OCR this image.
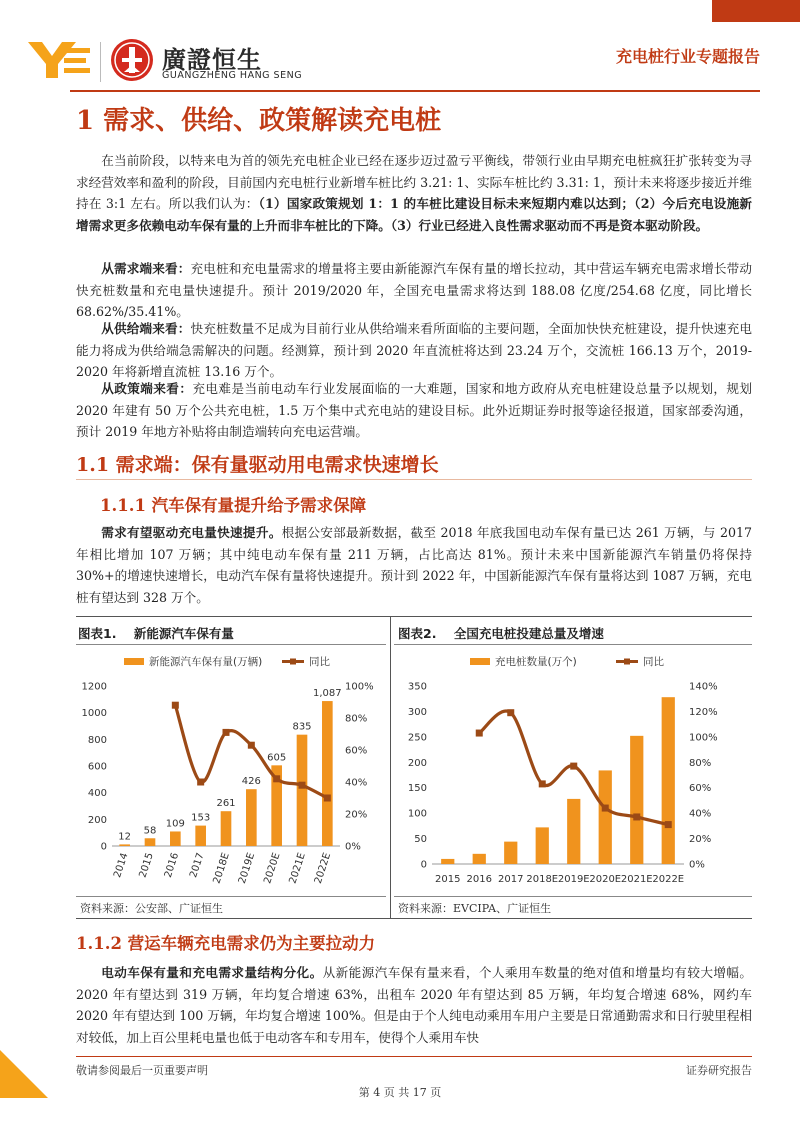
廣證恒生
GUANGZHENG HANG SENG
充电桩行业专题报告
1 需求、供给、政策解读充电桩

在当前阶段，以特来电为首的领先充电桩企业已经在逐步迈过盈亏平衡线，带领行业由早期充电桩疯狂扩张转变为寻求经营效率和盈利的阶段，目前国内充电桩行业新增车桩比约 3.21: 1、实际车桩比约 3.31: 1，预计未来将逐步接近并维持在 3:1 左右。所以我们认为：（1）国家政策规划 1：1 的车桩比建设目标未来短期内难以达到；（2）今后充电设施新增需求更多依赖电动车保有量的上升而非车桩比的下降。（3）行业已经进入良性需求驱动而不再是资本驱动阶段。

从需求端来看：充电桩和充电量需求的增量将主要由新能源汽车保有量的增长拉动，其中营运车辆充电需求增长带动快充桩数量和充电量快速提升。预计 2019/2020 年，全国充电量需求将达到 188.08 亿度/254.68 亿度，同比增长 68.62%/35.41%。

从供给端来看：快充桩数量不足成为目前行业从供给端来看所面临的主要问题，全面加快快充桩建设，提升快速充电能力将成为供给端急需解决的问题。经测算，预计到 2020 年直流桩将达到 23.24 万个，交流桩 166.13 万个，2019-2020 年将新增直流桩 13.16 万个。

从政策端来看：充电难是当前电动车行业发展面临的一大难题，国家和地方政府从充电桩建设总量予以规划，规划 2020 年建有 50 万个公共充电桩，1.5 万个集中式充电站的建设目标。此外近期证券时报等途径报道，国家部委沟通，预计 2019 年地方补贴将由制造端转向充电运营端。

1.1 需求端：保有量驱动用电需求快速增长
1.1.1 汽车保有量提升给予需求保障

需求有望驱动充电量快速提升。根据公安部最新数据，截至 2018 年底我国电动车保有量已达 261 万辆，与 2017 年相比增加 107 万辆；其中纯电动车保有量 211 万辆，占比高达 81%。预计未来中国新能源汽车销量仍将保持 30%+的增速快速增长，电动汽车保有量将快速提升。预计到 2022 年，中国新能源汽车保有量将达到 1087 万辆，充电桩有望达到 328 万个。

图表1. 新能源汽车保有量	图表2. 全国充电桩投建总量及增速
新能源汽车保有量(万辆)	同比
0
200
400
600
800
1000
1200
0%
20%
40%
60%
80%
100%
12
58
109
153
261
426
605
835
1,087
2014 2015 2016 2017 2018E 2019E 2020E 2021E 2022E
充电桩数量(万个)	同比
0
50
100
150
200
250
300
350
0%
20%
40%
60%
80%
100%
120%
140%
2015 2016 2017 2018E 2019E 2020E 2021E 2022E
资料来源：公安部、广证恒生	资料来源：EVCIPA、广证恒生
1.1.2 营运车辆充电需求仍为主要拉动力

电动车保有量和充电需求量结构分化。从新能源汽车保有量来看，个人乘用车数量的绝对值和增量均有较大增幅。2020 年有望达到 319 万辆，年均复合增速 63%，出租车 2020 年有望达到 85 万辆，年均复合增速 68%，网约车 2020 年有望达到 100 万辆，年均复合增速 100%。但是由于个人纯电动乘用车用户主要是日常通勤需求和日行驶里程相对较低，加上百公里耗电量也低于电动客车和专用车，使得个人乘用车快

敬请参阅最后一页重要声明	证券研究报告
第 4 页 共 17 页
